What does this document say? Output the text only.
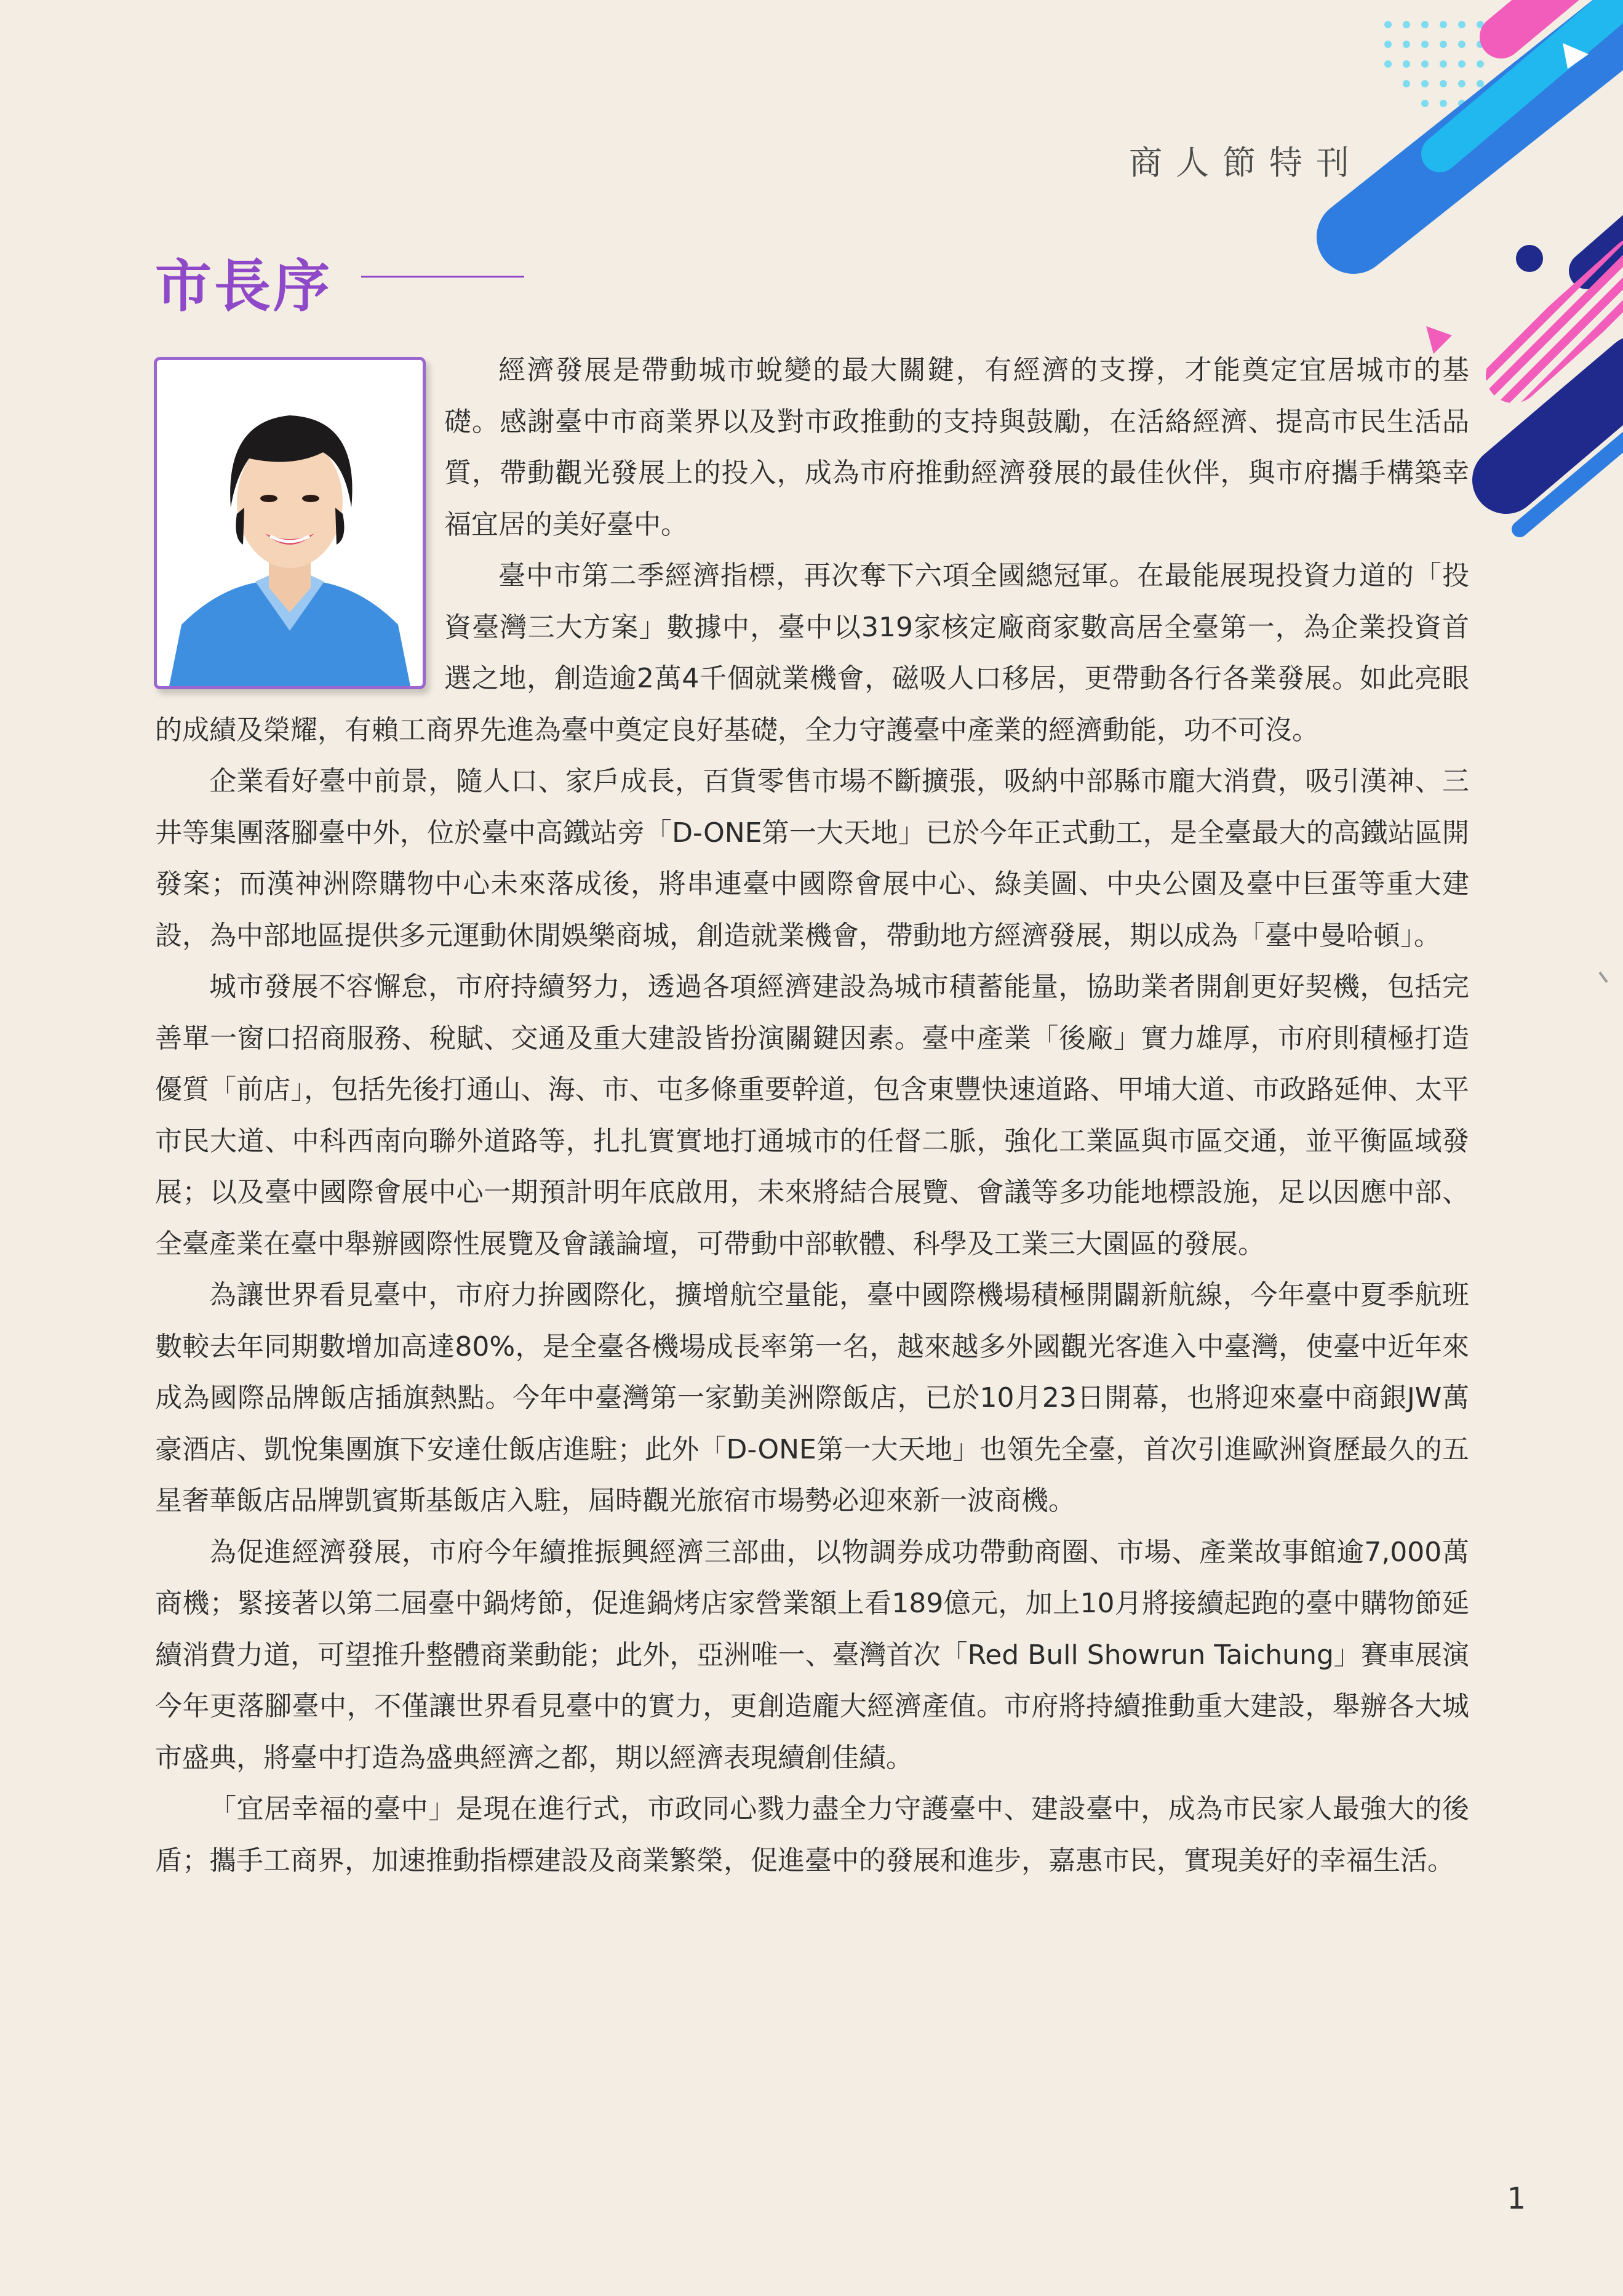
商人節特刊
市長序

經濟發展是帶動城市蛻變的最大關鍵，有經濟的支撐，才能奠定宜居城市的基礎。感謝臺中市商業界以及對市政推動的支持與鼓勵，在活絡經濟、提高市民生活品質，帶動觀光發展上的投入，成為市府推動經濟發展的最佳伙伴，與市府攜手構築幸福宜居的美好臺中。

臺中市第二季經濟指標，再次奪下六項全國總冠軍。在最能展現投資力道的「投資臺灣三大方案」數據中，臺中以319家核定廠商家數高居全臺第一，為企業投資首選之地，創造逾2萬4千個就業機會，磁吸人口移居，更帶動各行各業發展。如此亮眼的成績及榮耀，有賴工商界先進為臺中奠定良好基礎，全力守護臺中產業的經濟動能，功不可沒。

企業看好臺中前景，隨人口、家戶成長，百貨零售市場不斷擴張，吸納中部縣市龐大消費，吸引漢神、三井等集團落腳臺中外，位於臺中高鐵站旁「D-ONE第一大天地」已於今年正式動工，是全臺最大的高鐵站區開發案；而漢神洲際購物中心未來落成後，將串連臺中國際會展中心、綠美圖、中央公園及臺中巨蛋等重大建設，為中部地區提供多元運動休閒娛樂商城，創造就業機會，帶動地方經濟發展，期以成為「臺中曼哈頓」。

城市發展不容懈怠，市府持續努力，透過各項經濟建設為城市積蓄能量，協助業者開創更好契機，包括完善單一窗口招商服務、稅賦、交通及重大建設皆扮演關鍵因素。臺中產業「後廠」實力雄厚，市府則積極打造優質「前店」，包括先後打通山、海、市、屯多條重要幹道，包含東豐快速道路、甲埔大道、市政路延伸、太平市民大道、中科西南向聯外道路等，扎扎實實地打通城市的任督二脈，強化工業區與市區交通，並平衡區域發展；以及臺中國際會展中心一期預計明年底啟用，未來將結合展覽、會議等多功能地標設施，足以因應中部、全臺產業在臺中舉辦國際性展覽及會議論壇，可帶動中部軟體、科學及工業三大園區的發展。

為讓世界看見臺中，市府力拚國際化，擴增航空量能，臺中國際機場積極開闢新航線，今年臺中夏季航班數較去年同期數增加高達80%，是全臺各機場成長率第一名，越來越多外國觀光客進入中臺灣，使臺中近年來成為國際品牌飯店插旗熱點。今年中臺灣第一家勤美洲際飯店，已於10月23日開幕，也將迎來臺中商銀JW萬豪酒店、凱悅集團旗下安達仕飯店進駐；此外「D-ONE第一大天地」也領先全臺，首次引進歐洲資歷最久的五星奢華飯店品牌凱賓斯基飯店入駐，屆時觀光旅宿市場勢必迎來新一波商機。

為促進經濟發展，市府今年續推振興經濟三部曲，以物調券成功帶動商圈、市場、產業故事館逾7,000萬商機；緊接著以第二屆臺中鍋烤節，促進鍋烤店家營業額上看189億元，加上10月將接續起跑的臺中購物節延續消費力道，可望推升整體商業動能；此外，亞洲唯一、臺灣首次「Red Bull Showrun Taichung」賽車展演今年更落腳臺中，不僅讓世界看見臺中的實力，更創造龐大經濟產值。市府將持續推動重大建設，舉辦各大城市盛典，將臺中打造為盛典經濟之都，期以經濟表現續創佳績。

「宜居幸福的臺中」是現在進行式，市政同心戮力盡全力守護臺中、建設臺中，成為市民家人最強大的後盾；攜手工商界，加速推動指標建設及商業繁榮，促進臺中的發展和進步，嘉惠市民，實現美好的幸福生活。

1
